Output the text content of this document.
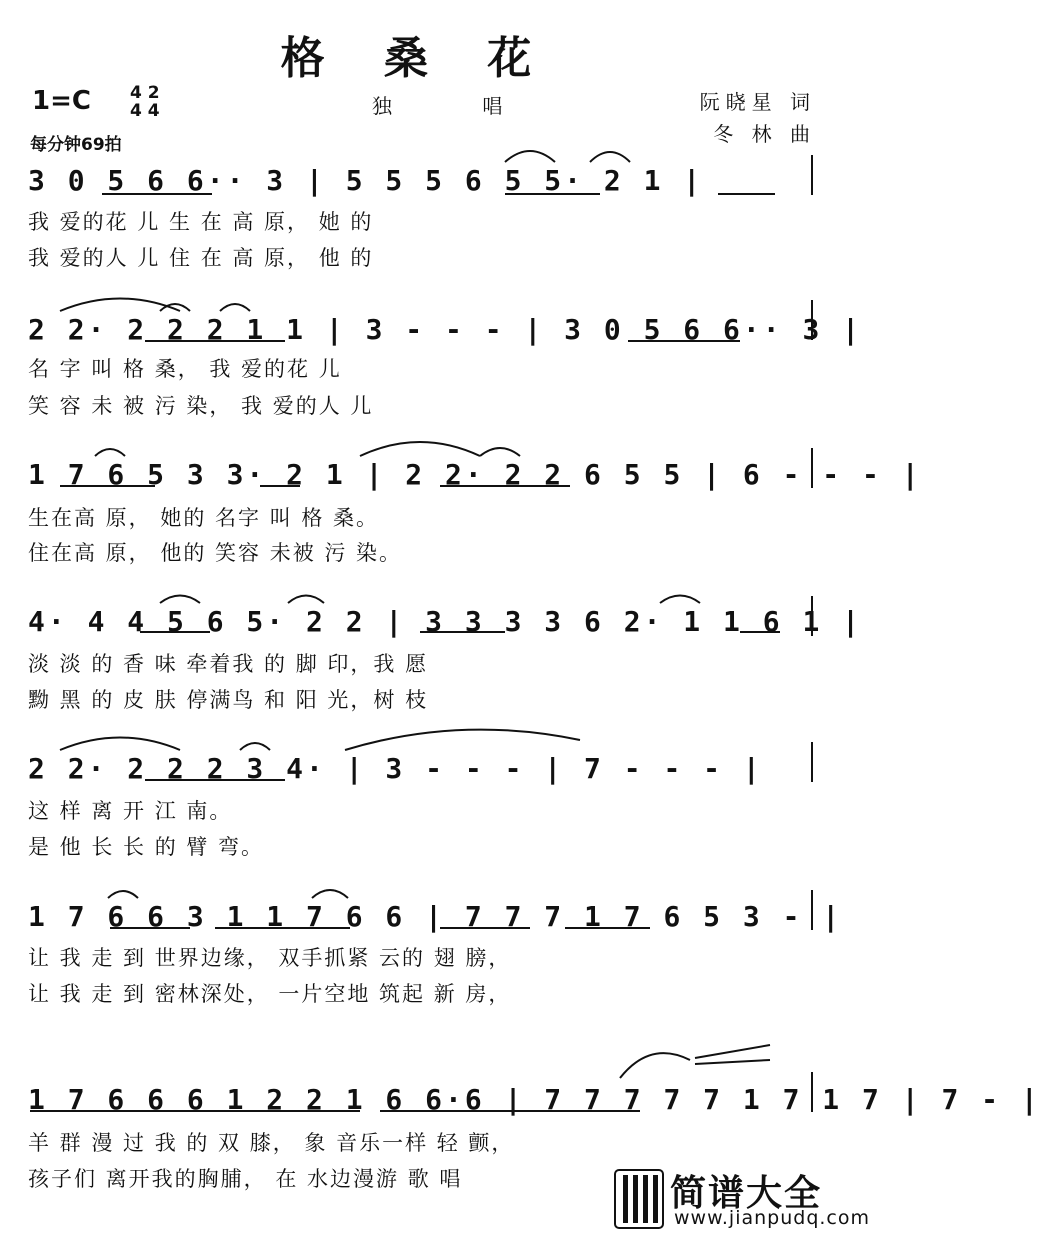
格 桑 花
1=C 4 2
4 4
每分钟69拍
独 唱	阮晓星 词
冬 林 曲
3 0 5 6 6·· 3 | 5 5 5 6 5 5· 2 1 |
我 爱的花 儿 生 在 高 原， 她 的
我 爱的人 儿 住 在 高 原， 他 的
2 2· 2 2 2 1 1 | 3 - - - | 3 0 5 6 6·· 3 |
名 字 叫 格 桑， 我 爱的花 儿
笑 容 未 被 污 染， 我 爱的人 儿
1 7 6 5 3 3· 2 1 | 2 2· 2 2 6 5 5 | 6 - - - |
生在高 原， 她的 名字 叫 格 桑。
住在高 原， 他的 笑容 未被 污 染。
4· 4 4 5 6 5· 2 2 | 3 3 3 3 6 2· 1 1 6 1 |
淡 淡 的 香 味 牵着我 的 脚 印，我 愿
黝 黑 的 皮 肤 停满鸟 和 阳 光，树 枝
2 2· 2 2 2 3 4· | 3 - - - | 7 - - - |
这 样 离 开 江 南。
是 他 长 长 的 臂 弯。
1 7 6 6 3 1 1 7 6 6 | 7 7 7 1 7 6 5 3 - |
让 我 走 到 世界边缘， 双手抓紧 云的 翅 膀，
让 我 走 到 密林深处， 一片空地 筑起 新 房，
1 7 6 6 6 1 2 2 1 6 6·6 | 7 7 7 7 7 1 7 1 7 | 7 - |
羊 群 漫 过 我 的 双 膝， 象 音乐一样 轻 颤，
孩子们 离开我的胸脯， 在 水边漫游 歌 唱	简谱大全
www.jianpudq.com
